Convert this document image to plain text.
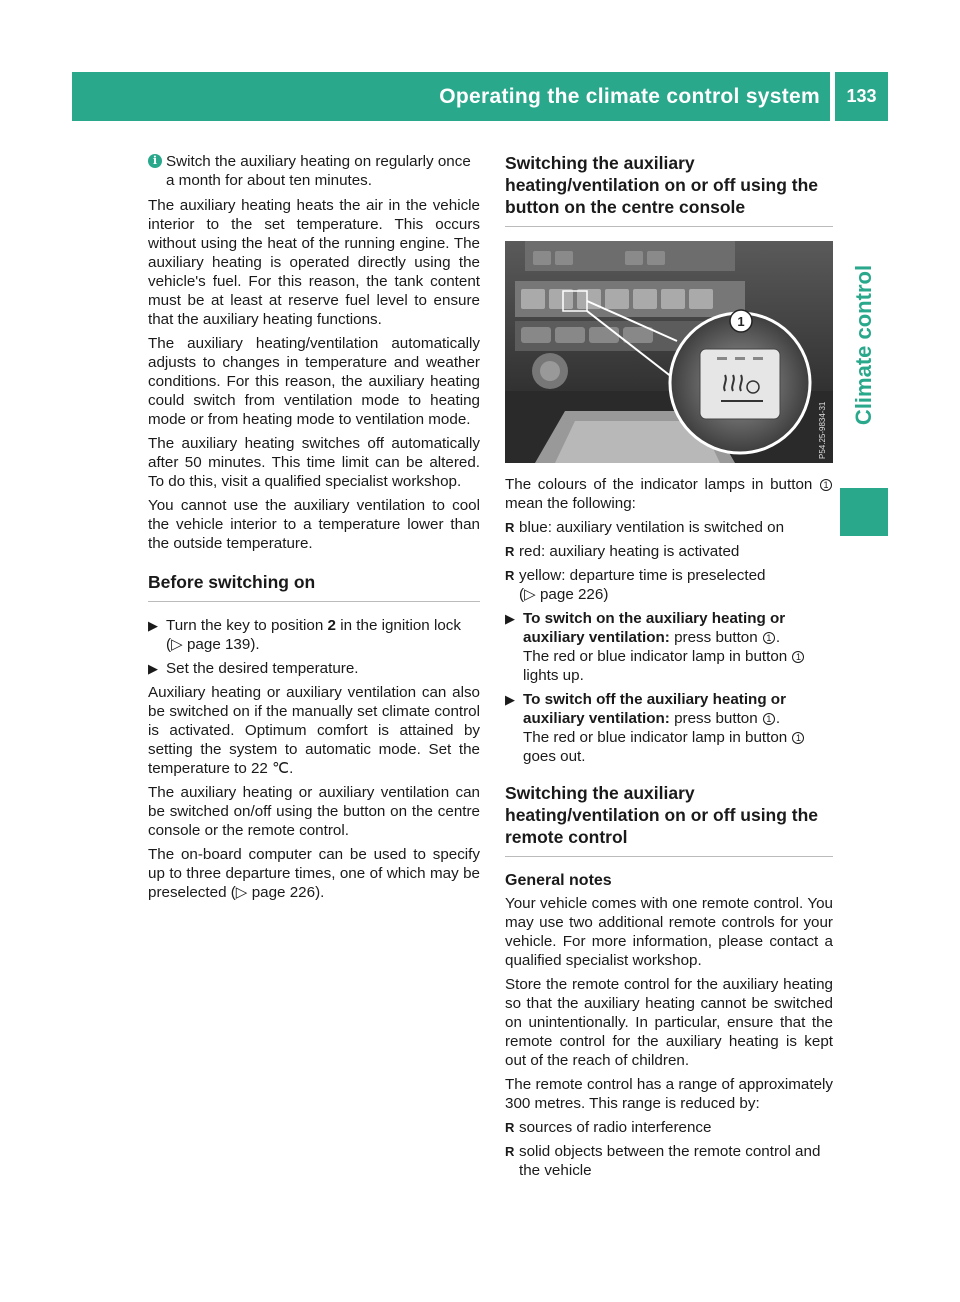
Operating the climate control system	133
Climate control
i Switch the auxiliary heating on regularly once a month for about ten minutes.

The auxiliary heating heats the air in the vehicle interior to the set temperature. This occurs without using the heat of the running engine. The auxiliary heating is operated directly using the vehicle's fuel. For this reason, the tank content must be at least at reserve fuel level to ensure that the auxiliary heating functions.

The auxiliary heating/ventilation automatically adjusts to changes in temperature and weather conditions. For this reason, the auxiliary heating could switch from ventilation mode to heating mode or from heating mode to ventilation mode.

The auxiliary heating switches off automatically after 50 minutes. This time limit can be altered. To do this, visit a qualified specialist workshop.

You cannot use the auxiliary ventilation to cool the vehicle interior to a temperature lower than the outside temperature.

Before switching on
▶ Turn the key to position 2 in the ignition lock (▷ page 139).
▶ Set the desired temperature.

Auxiliary heating or auxiliary ventilation can also be switched on if the manually set climate control is activated. Optimum comfort is attained by setting the system to automatic mode. Set the temperature to 22 ℃.

The auxiliary heating or auxiliary ventilation can be switched on/off using the button on the centre console or the remote control.

The on-board computer can be used to specify up to three departure times, one of which may be preselected (▷ page 226).

Switching the auxiliary heating/ventilation on or off using the button on the centre console
1
P54.25-9834-31

The colours of the indicator lamps in button 1 mean the following:

R blue: auxiliary ventilation is switched on
R red: auxiliary heating is activated
R yellow: departure time is preselected
(▷ page 226)
▶ To switch on the auxiliary heating or auxiliary ventilation: press button 1 .
The red or blue indicator lamp in button 1
lights up.
▶ To switch off the auxiliary heating or auxiliary ventilation: press button 1 .
The red or blue indicator lamp in button 1
goes out.
Switching the auxiliary heating/ventilation on or off using the remote control
General notes

Your vehicle comes with one remote control. You may use two additional remote controls for your vehicle. For more information, please contact a qualified specialist workshop.

Store the remote control for the auxiliary heating so that the auxiliary heating cannot be switched on unintentionally. In particular, ensure that the remote control for the auxiliary heating is kept out of the reach of children.

The remote control has a range of approximately 300 metres. This range is reduced by:

R sources of radio interference
R solid objects between the remote control and the vehicle
